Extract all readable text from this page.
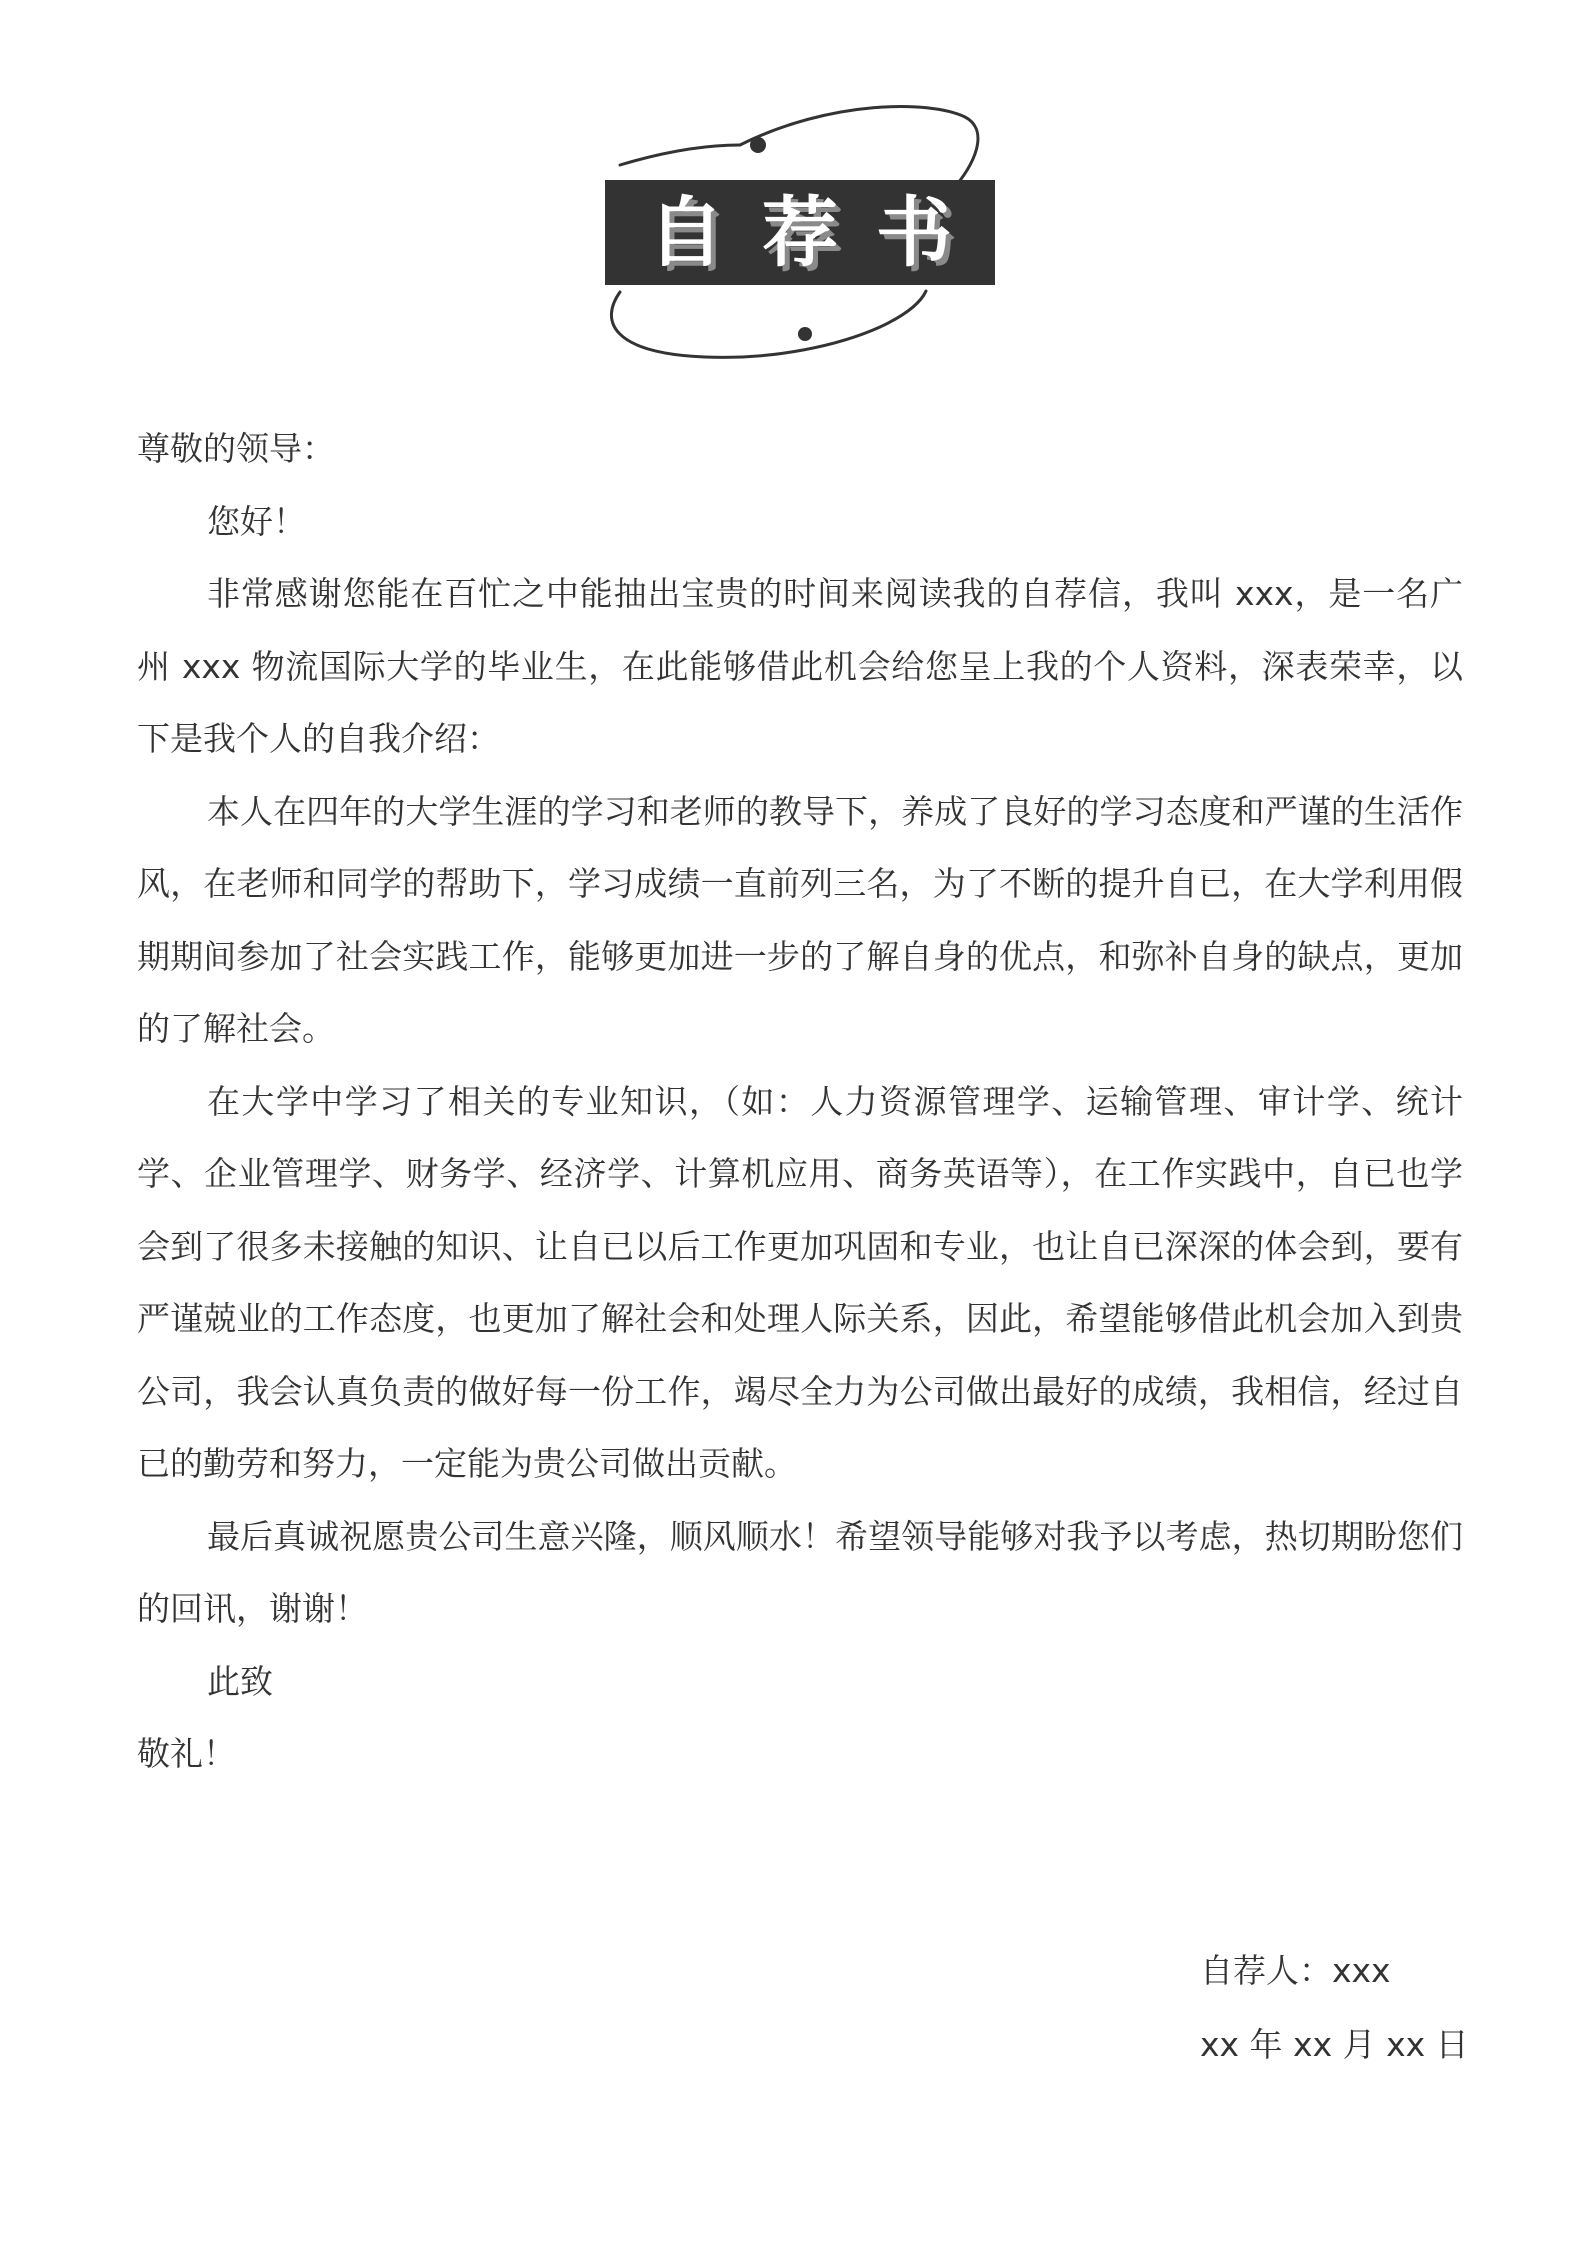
自荐书

尊敬的领导：

您好！

非常感谢您能在百忙之中能抽出宝贵的时间来阅读我的自荐信，我叫 xxx，是一名广州 xxx 物流国际大学的毕业生，在此能够借此机会给您呈上我的个人资料，深表荣幸，以下是我个人的自我介绍：

本人在四年的大学生涯的学习和老师的教导下，养成了良好的学习态度和严谨的生活作风，在老师和同学的帮助下，学习成绩一直前列三名，为了不断的提升自已，在大学利用假期期间参加了社会实践工作，能够更加进一步的了解自身的优点，和弥补自身的缺点，更加的了解社会。

在大学中学习了相关的专业知识，（如：人力资源管理学、运输管理、审计学、统计学、企业管理学、财务学、经济学、计算机应用、商务英语等），在工作实践中，自已也学会到了很多未接触的知识、让自已以后工作更加巩固和专业，也让自已深深的体会到，要有严谨兢业的工作态度，也更加了解社会和处理人际关系，因此，希望能够借此机会加入到贵公司，我会认真负责的做好每一份工作，竭尽全力为公司做出最好的成绩，我相信，经过自已的勤劳和努力，一定能为贵公司做出贡献。

最后真诚祝愿贵公司生意兴隆，顺风顺水！希望领导能够对我予以考虑，热切期盼您们的回讯，谢谢！

此致

敬礼！

自荐人：xxx

xx 年 xx 月 xx 日
